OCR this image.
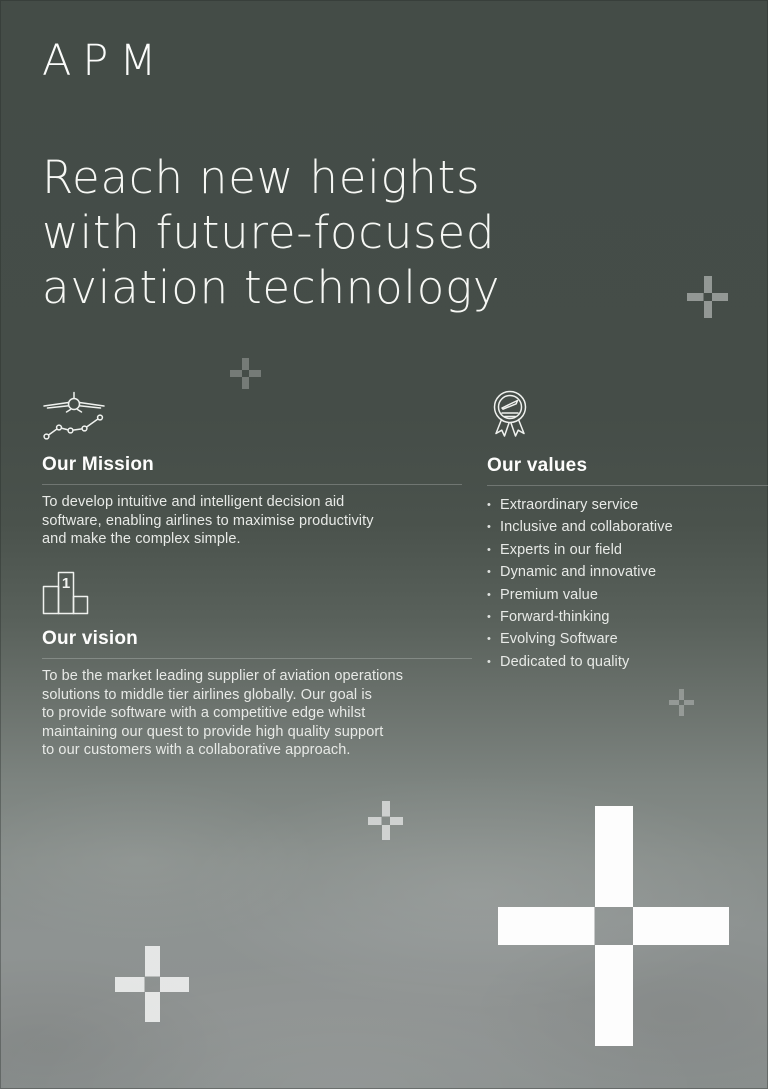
APM
Reach new heights
with future-focused
aviation technology
Our Mission
To develop intuitive and intelligent decision aid
software, enabling airlines to maximise productivity
and make the complex simple.
1
Our vision
To be the market leading supplier of aviation operations
solutions to middle tier airlines globally. Our goal is
to provide software with a competitive edge whilst
maintaining our quest to provide high quality support
to our customers with a collaborative approach.
Our values
• Extraordinary service
• Inclusive and collaborative
• Experts in our field
• Dynamic and innovative
• Premium value
• Forward-thinking
• Evolving Software
• Dedicated to quality
